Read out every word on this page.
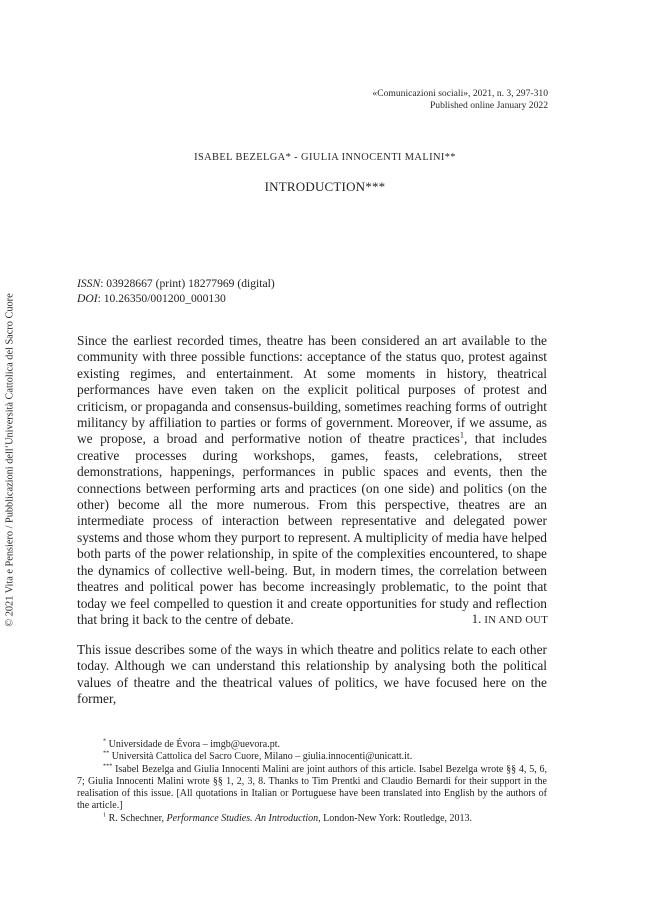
© 2021 Vita e Pensiero / Pubblicazioni dell’Università Cattolica del Sacro Cuore
«Comunicazioni sociali», 2021, n. 3, 297-310
Published online January 2022
ISABEL BEZELGA* - GIULIA INNOCENTI MALINI**
INTRODUCTION***
ISSN: 03928667 (print) 18277969 (digital)
DOI: 10.26350/001200_000130

Since the earliest recorded times, theatre has been considered an art available to the community with three possible functions: acceptance of the status quo, protest against existing regimes, and entertainment. At some moments in history, theatrical performances have even taken on the explicit political purposes of protest and criticism, or propaganda and consensus-building, sometimes reaching forms of outright militancy by affiliation to parties or forms of government. Moreover, if we assume, as we propose, a broad and performative notion of theatre practices$^1$, that includes creative processes during workshops, games, feasts, celebrations, street demonstrations, happenings, performances in public spaces and events, then the connections between performing arts and practices (on one side) and politics (on the other) become all the more numerous. From this perspective, theatres are an intermediate process of interaction between representative and delegated power systems and those whom they purport to represent. A multiplicity of media have helped both parts of the power relationship, in spite of the complexities encountered, to shape the dynamics of collective well-being. But, in modern times, the correlation between theatres and political power has become increasingly problematic, to the point that today we feel compelled to question it and create opportunities for study and reflection that bring it back to the centre of debate.	1. IN AND OUT

This issue describes some of the ways in which theatre and politics relate to each other today. Although we can understand this relationship by analysing both the political values of theatre and the theatrical values of politics, we have focused here on the former,

* Universidade de Évora – imgb@uevora.pt.

** Università Cattolica del Sacro Cuore, Milano – giulia.innocenti@unicatt.it.

*** Isabel Bezelga and Giulia Innocenti Malini are joint authors of this article. Isabel Bezelga wrote §§ 4, 5, 6, 7; Giulia Innocenti Malini wrote §§ 1, 2, 3, 8. Thanks to Tim Prentki and Claudio Bernardi for their support in the realisation of this issue. [All quotations in Italian or Portuguese have been translated into English by the authors of the article.]

$^1$ R. Schechner, Performance Studies. An Introduction, London-New York: Routledge, 2013.
